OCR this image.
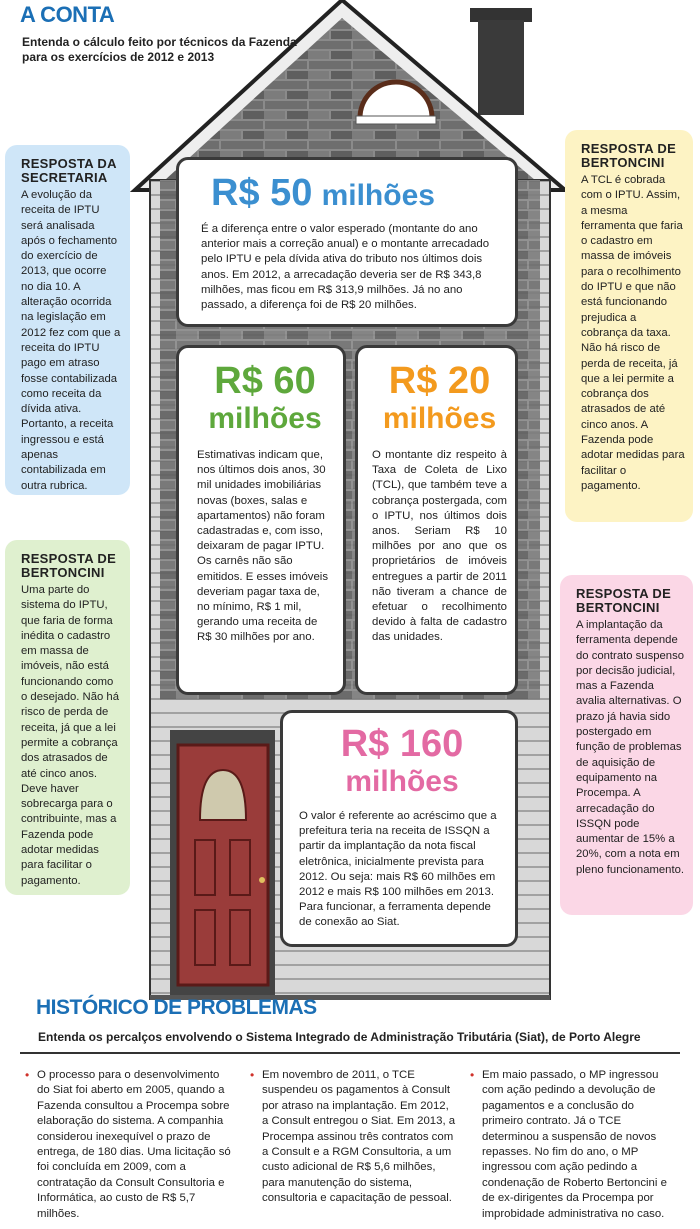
A CONTA
Entenda o cálculo feito por técnicos da Fazenda para os exercícios de 2012 e 2013
R$ 50 milhões
É a diferença entre o valor esperado (montante do ano anterior mais a correção anual) e o montante arrecadado pelo IPTU e pela dívida ativa do tributo nos últimos dois anos. Em 2012, a arrecadação deveria ser de R$ 343,8 milhões, mas ficou em R$ 313,9 milhões. Já no ano passado, a diferença foi de R$ 20 milhões.
R$ 60
milhões
Estimativas indicam que, nos últimos dois anos, 30 mil unidades imobiliárias novas (boxes, salas e apartamentos) não foram cadastradas e, com isso, deixaram de pagar IPTU. Os carnês não são emitidos. E esses imóveis deveriam pagar taxa de, no mínimo, R$ 1 mil, gerando uma receita de R$ 30 milhões por ano.
R$ 20
milhões
O montante diz respeito à Taxa de Coleta de Lixo (TCL), que também teve a cobrança postergada, com o IPTU, nos últimos dois anos. Seriam R$ 10 milhões por ano que os proprietários de imóveis entregues a partir de 2011 não tiveram a chance de efetuar o recolhimento devido à falta de cadastro das unidades.
R$ 160
milhões
O valor é referente ao acréscimo que a prefeitura teria na receita de ISSQN a partir da implantação da nota fiscal eletrônica, inicialmente prevista para 2012. Ou seja: mais R$ 60 milhões em 2012 e mais R$ 100 milhões em 2013. Para funcionar, a ferramenta depende de conexão ao Siat.
RESPOSTA DA SECRETARIA
A evolução da receita de IPTU será analisada após o fechamento do exercício de 2013, que ocorre no dia 10. A alteração ocorrida na legislação em 2012 fez com que a receita do IPTU pago em atraso fosse contabilizada como receita da dívida ativa. Portanto, a receita ingressou e está apenas contabilizada em outra rubrica.
RESPOSTA DE BERTONCINI
A TCL é cobrada com o IPTU. Assim, a mesma ferramenta que faria o cadastro em massa de imóveis para o recolhimento do IPTU e que não está funcionando prejudica a cobrança da taxa. Não há risco de perda de receita, já que a lei permite a cobrança dos atrasados de até cinco anos. A Fazenda pode adotar medidas para facilitar o pagamento.
RESPOSTA DE BERTONCINI
Uma parte do sistema do IPTU, que faria de forma inédita o cadastro em massa de imóveis, não está funcionando como o desejado. Não há risco de perda de receita, já que a lei permite a cobrança dos atrasados de até cinco anos. Deve haver sobrecarga para o contribuinte, mas a Fazenda pode adotar medidas para facilitar o pagamento.
RESPOSTA DE BERTONCINI
A implantação da ferramenta depende do contrato suspenso por decisão judicial, mas a Fazenda avalia alternativas. O prazo já havia sido postergado em função de problemas de aquisição de equipamento na Procempa. A arrecadação do ISSQN pode aumentar de 15% a 20%, com a nota em pleno funcionamento.
HISTÓRICO DE PROBLEMAS
Entenda os percalços envolvendo o Sistema Integrado de Administração Tributária (Siat), de Porto Alegre
• O processo para o desenvolvimento do Siat foi aberto em 2005, quando a Fazenda consultou a Procempa sobre elaboração do sistema. A companhia considerou inexequível o prazo de entrega, de 180 dias. Uma licitação só foi concluída em 2009, com a contratação da Consult Consultoria e Informática, ao custo de R$ 5,7 milhões.
• Em novembro de 2011, o TCE suspendeu os pagamentos à Consult por atraso na implantação. Em 2012, a Consult entregou o Siat. Em 2013, a Procempa assinou três contratos com a Consult e a RGM Consultoria, a um custo adicional de R$ 5,6 milhões, para manutenção do sistema, consultoria e capacitação de pessoal.
• Em maio passado, o MP ingressou com ação pedindo a devolução de pagamentos e a conclusão do primeiro contrato. Já o TCE determinou a suspensão de novos repasses. No fim do ano, o MP ingressou com ação pedindo a condenação de Roberto Bertoncini e de ex-dirigentes da Procempa por improbidade administrativa no caso.
